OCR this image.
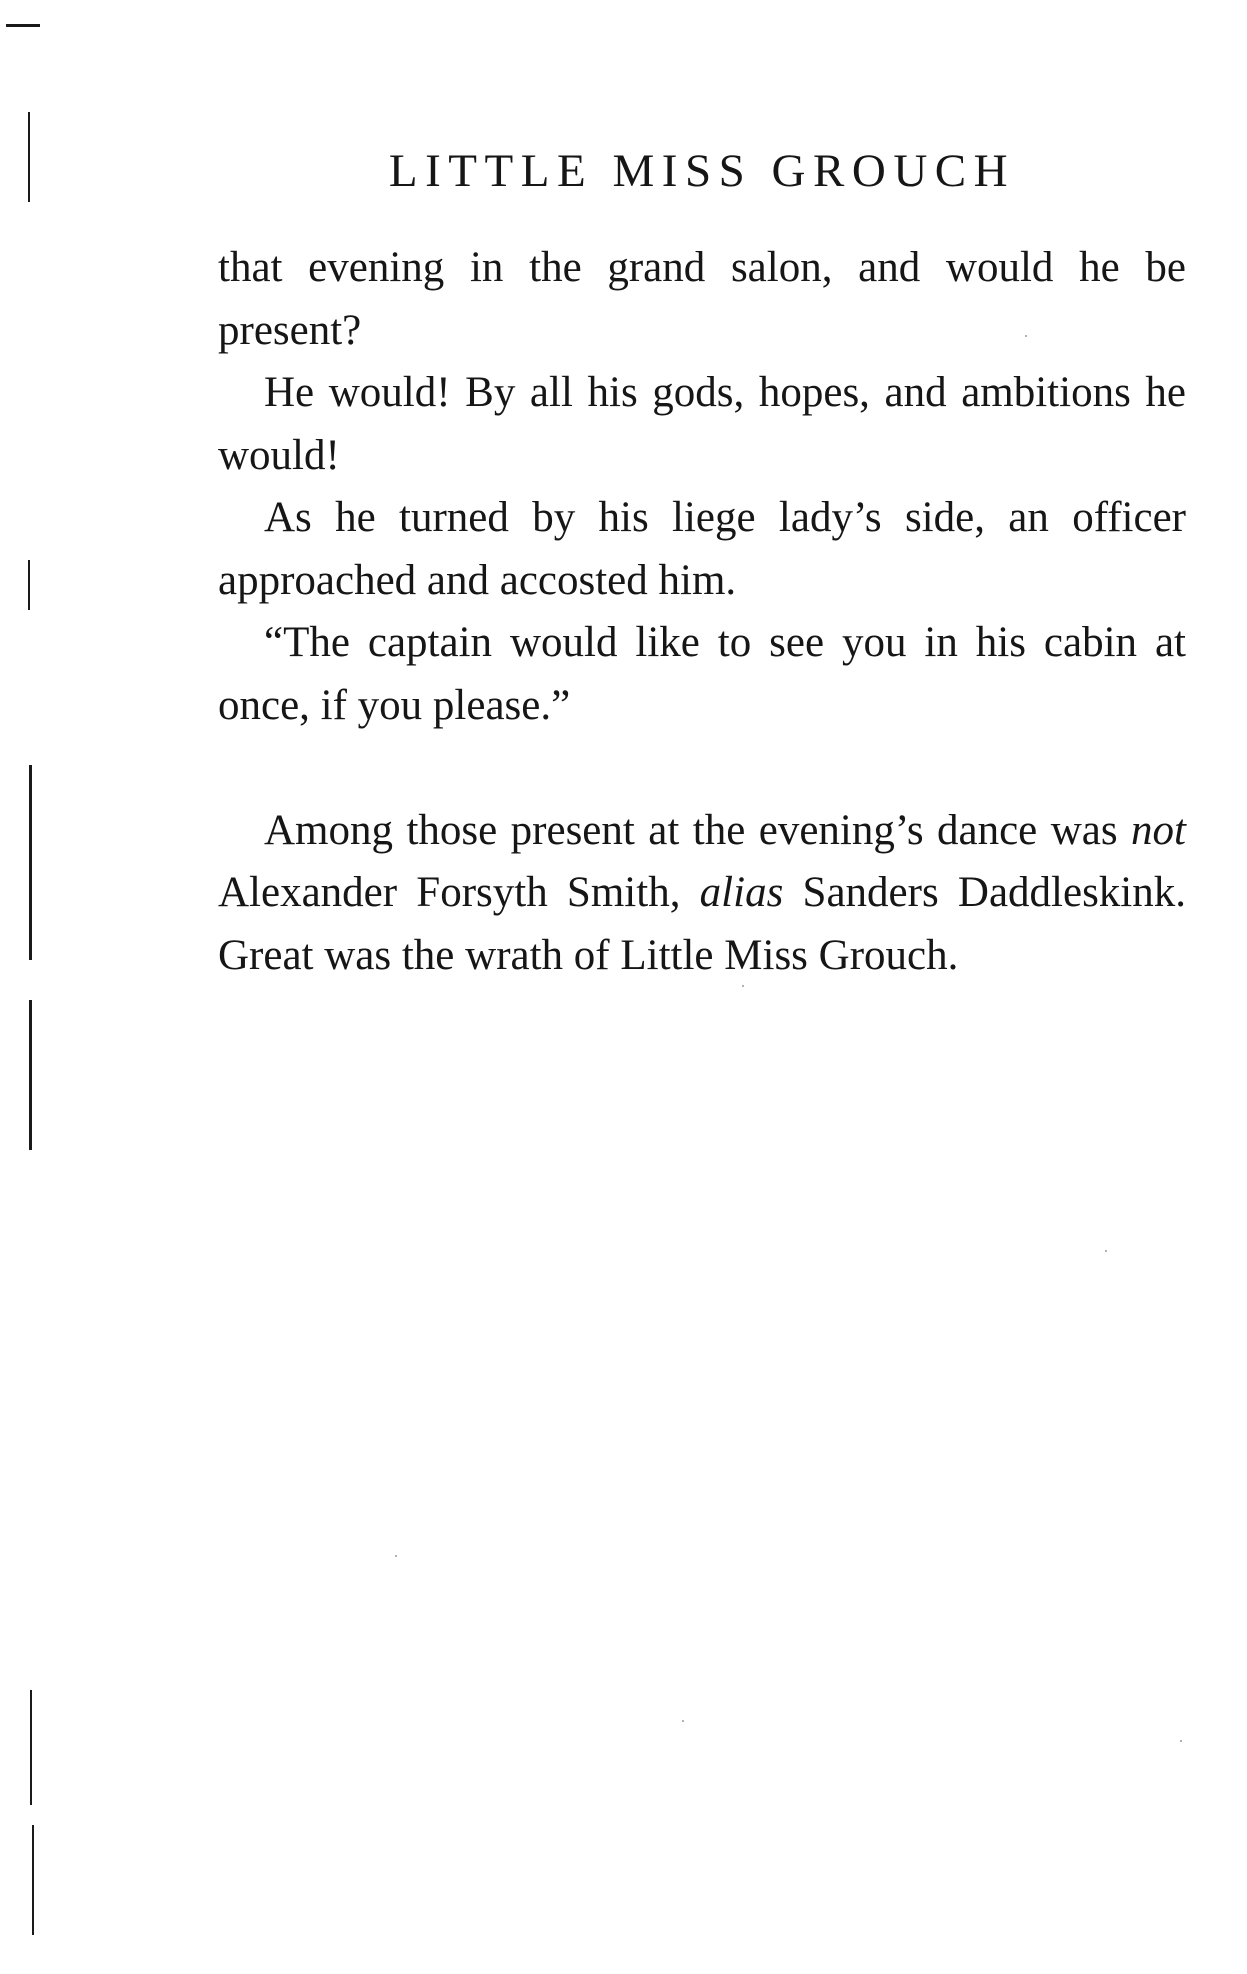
LITTLE MISS GROUCH

that evening in the grand salon, and would he be present?

He would! By all his gods, hopes, and ambitions he would!

As he turned by his liege lady’s side, an officer approached and accosted him.

“The captain would like to see you in his cabin at once, if you please.”

Among those present at the evening’s dance was not Alexander Forsyth Smith, alias Sanders Daddleskink. Great was the wrath of Little Miss Grouch.
